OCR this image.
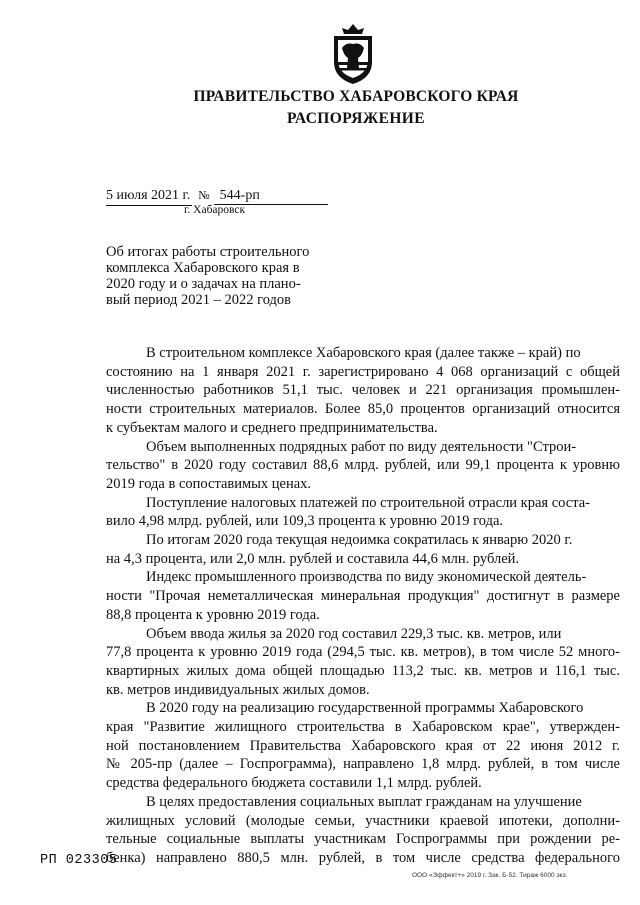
ПРАВИТЕЛЬСТВО ХАБАРОВСКОГО КРАЯ
РАСПОРЯЖЕНИЕ
5 июля 2021 г. № 544-рп
г. Хабаровск
Об итогах работы строительного
комплекса Хабаровского края в
2020 году и о задачах на плано-
вый период 2021 – 2022 годов
В строительном комплексе Хабаровского края (далее также – край) по
состоянию на 1 января 2021 г. зарегистрировано 4 068 организаций с общей
численностью работников 51,1 тыс. человек и 221 организация промышлен-
ности строительных материалов. Более 85,0 процентов организаций относится
к субъектам малого и среднего предпринимательства.
Объем выполненных подрядных работ по виду деятельности "Строи-
тельство" в 2020 году составил 88,6 млрд. рублей, или 99,1 процента к уровню
2019 года в сопоставимых ценах.
Поступление налоговых платежей по строительной отрасли края соста-
вило 4,98 млрд. рублей, или 109,3 процента к уровню 2019 года.
По итогам 2020 года текущая недоимка сократилась к январю 2020 г.
на 4,3 процента, или 2,0 млн. рублей и составила 44,6 млн. рублей.
Индекс промышленного производства по виду экономической деятель-
ности "Прочая неметаллическая минеральная продукция" достигнут в размере
88,8 процента к уровню 2019 года.
Объем ввода жилья за 2020 год составил 229,3 тыс. кв. метров, или
77,8 процента к уровню 2019 года (294,5 тыс. кв. метров), в том числе 52 много-
квартирных жилых дома общей площадью 113,2 тыс. кв. метров и 116,1 тыс.
кв. метров индивидуальных жилых домов.
В 2020 году на реализацию государственной программы Хабаровского
края "Развитие жилищного строительства в Хабаровском крае", утвержден-
ной постановлением Правительства Хабаровского края от 22 июня 2012 г.
№ 205-пр (далее – Госпрограмма), направлено 1,8 млрд. рублей, в том числе
средства федерального бюджета составили 1,1 млрд. рублей.
В целях предоставления социальных выплат гражданам на улучшение
жилищных условий (молодые семьи, участники краевой ипотеки, дополни-
тельные социальные выплаты участникам Госпрограммы при рождении ре-
бенка) направлено 880,5 млн. рублей, в том числе средства федерального
РП 023305
ООО «Эффект+» 2019 г. Зак. Б-52. Тираж 6000 экз.
